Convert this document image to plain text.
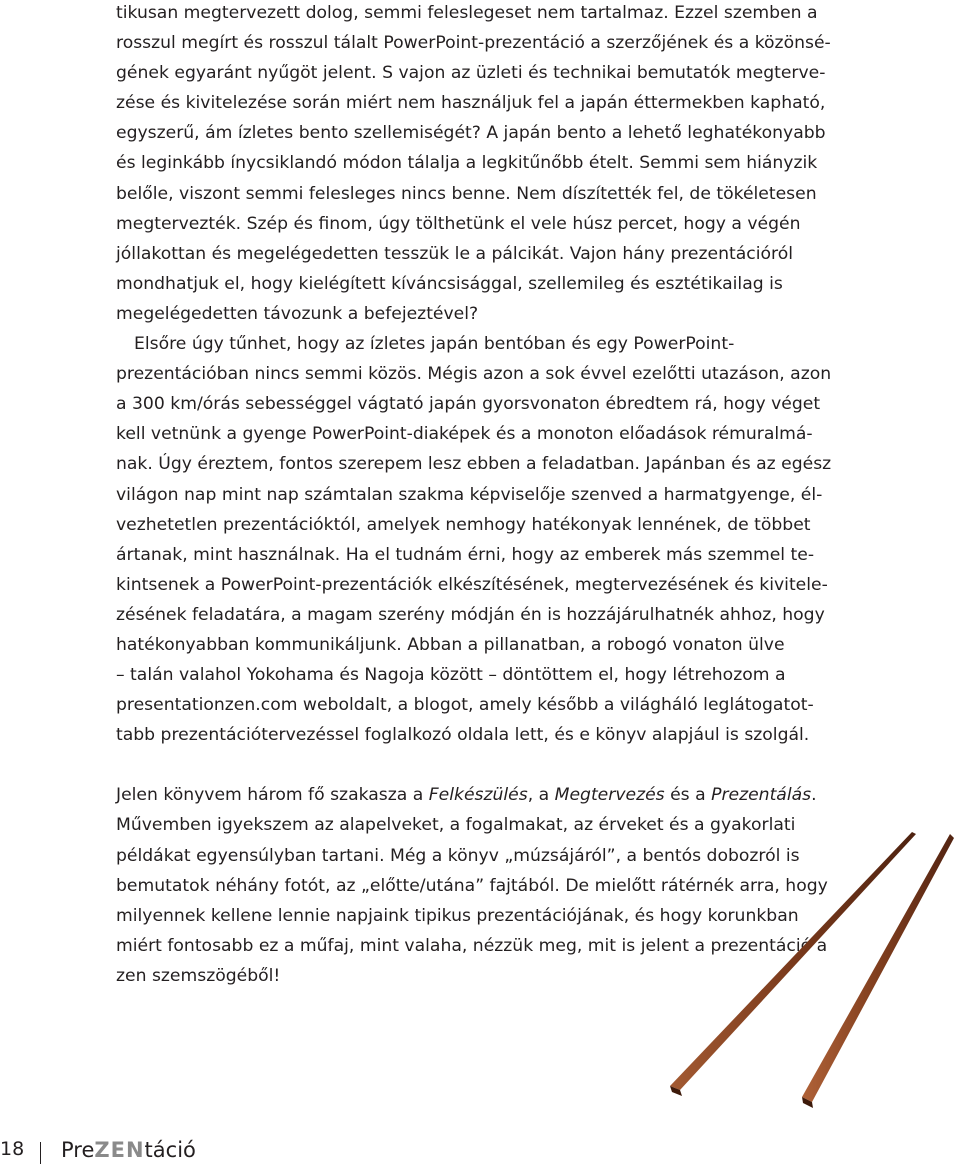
tikusan megtervezett dolog, semmi feleslegeset nem tartalmaz. Ezzel szemben a
rosszul megírt és rosszul tálalt PowerPoint-prezentáció a szerzőjének és a közönsé-
gének egyaránt nyűgöt jelent. S vajon az üzleti és technikai bemutatók megterve-
zése és kivitelezése során miért nem használjuk fel a japán éttermekben kapható,
egyszerű, ám ízletes bento szellemiségét? A japán bento a lehető leghatékonyabb
és leginkább ínycsiklandó módon tálalja a legkitűnőbb ételt. Semmi sem hiányzik
belőle, viszont semmi felesleges nincs benne. Nem díszítették fel, de tökéletesen
megtervezték. Szép és finom, úgy tölthetünk el vele húsz percet, hogy a végén
jóllakottan és megelégedetten tesszük le a pálcikát. Vajon hány prezentációról
mondhatjuk el, hogy kielégített kíváncsisággal, szellemileg és esztétikailag is
megelégedetten távozunk a befejeztével?

Elsőre úgy tűnhet, hogy az ízletes japán bentóban és egy PowerPoint-
prezentációban nincs semmi közös. Mégis azon a sok évvel ezelőtti utazáson, azon
a 300 km/órás sebességgel vágtató japán gyorsvonaton ébredtem rá, hogy véget
kell vetnünk a gyenge PowerPoint-diaképek és a monoton előadások rémuralmá-
nak. Úgy éreztem, fontos szerepem lesz ebben a feladatban. Japánban és az egész
világon nap mint nap számtalan szakma képviselője szenved a harmatgyenge, él-
vezhetetlen prezentációktól, amelyek nemhogy hatékonyak lennének, de többet
ártanak, mint használnak. Ha el tudnám érni, hogy az emberek más szemmel te-
kintsenek a PowerPoint-prezentációk elkészítésének, megtervezésének és kivitele-
zésének feladatára, a magam szerény módján én is hozzájárulhatnék ahhoz, hogy
hatékonyabban kommunikáljunk. Abban a pillanatban, a robogó vonaton ülve
– talán valahol Yokohama és Nagoja között – döntöttem el, hogy létrehozom a
presentationzen.com weboldalt, a blogot, amely később a világháló leglátogatot-
tabb prezentációtervezéssel foglalkozó oldala lett, és e könyv alapjául is szolgál.

Jelen könyvem három fő szakasza a Felkészülés, a Megtervezés és a Prezentálás.
Művemben igyekszem az alapelveket, a fogalmakat, az érveket és a gyakorlati
példákat egyensúlyban tartani. Még a könyv „múzsájáról”, a bentós dobozról is
bemutatok néhány fotót, az „előtte/utána” fajtából. De mielőtt rátérnék arra, hogy
milyennek kellene lennie napjaink tipikus prezentációjának, és hogy korunkban
miért fontosabb ez a műfaj, mint valaha, nézzük meg, mit is jelent a prezentáció a
zen szemszögéből!

18 PreZENtáció
